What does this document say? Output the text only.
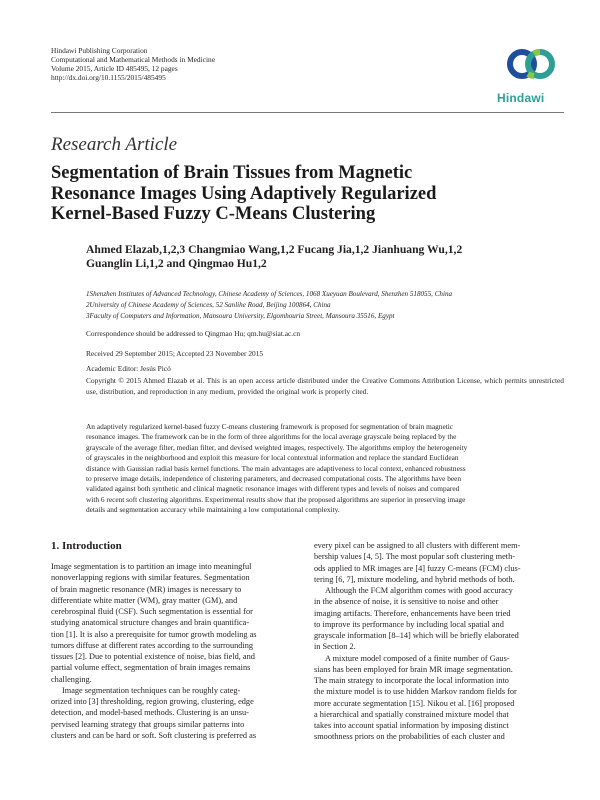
Hindawi Publishing Corporation
Computational and Mathematical Methods in Medicine
Volume 2015, Article ID 485495, 12 pages
http://dx.doi.org/10.1155/2015/485495
Hindawi
Research Article
Segmentation of Brain Tissues from Magnetic
Resonance Images Using Adaptively Regularized
Kernel-Based Fuzzy C-Means Clustering
Ahmed Elazab,1,2,3 Changmiao Wang,1,2 Fucang Jia,1,2 Jianhuang Wu,1,2
Guanglin Li,1,2 and Qingmao Hu1,2
1Shenzhen Institutes of Advanced Technology, Chinese Academy of Sciences, 1068 Xueyuan Boulevard, Shenzhen 518055, China
2University of Chinese Academy of Sciences, 52 Sanlihe Road, Beijing 100864, China
3Faculty of Computers and Information, Mansoura University, Elgomhouria Street, Mansoura 35516, Egypt
Correspondence should be addressed to Qingmao Hu; qm.hu@siat.ac.cn
Received 29 September 2015; Accepted 23 November 2015
Academic Editor: Jesús Picó
Copyright © 2015 Ahmed Elazab et al. This is an open access article distributed under the Creative Commons Attribution License, which permits unrestricted use, distribution, and reproduction in any medium, provided the original work is properly cited.
An adaptively regularized kernel-based fuzzy C-means clustering framework is proposed for segmentation of brain magnetic
resonance images. The framework can be in the form of three algorithms for the local average grayscale being replaced by the
grayscale of the average filter, median filter, and devised weighted images, respectively. The algorithms employ the heterogeneity
of grayscales in the neighborhood and exploit this measure for local contextual information and replace the standard Euclidean
distance with Gaussian radial basis kernel functions. The main advantages are adaptiveness to local context, enhanced robustness
to preserve image details, independence of clustering parameters, and decreased computational costs. The algorithms have been
validated against both synthetic and clinical magnetic resonance images with different types and levels of noises and compared
with 6 recent soft clustering algorithms. Experimental results show that the proposed algorithms are superior in preserving image
details and segmentation accuracy while maintaining a low computational complexity.
1. Introduction
Image segmentation is to partition an image into meaningful
nonoverlapping regions with similar features. Segmentation
of brain magnetic resonance (MR) images is necessary to
differentiate white matter (WM), gray matter (GM), and
cerebrospinal fluid (CSF). Such segmentation is essential for
studying anatomical structure changes and brain quantifica-
tion [1]. It is also a prerequisite for tumor growth modeling as
tumors diffuse at different rates according to the surrounding
tissues [2]. Due to potential existence of noise, bias field, and
partial volume effect, segmentation of brain images remains
challenging.
Image segmentation techniques can be roughly categ-
orized into [3] thresholding, region growing, clustering, edge
detection, and model-based methods. Clustering is an unsu-
pervised learning strategy that groups similar patterns into
clusters and can be hard or soft. Soft clustering is preferred as
every pixel can be assigned to all clusters with different mem-
bership values [4, 5]. The most popular soft clustering meth-
ods applied to MR images are [4] fuzzy C-means (FCM) clus-
tering [6, 7], mixture modeling, and hybrid methods of both.
Although the FCM algorithm comes with good accuracy
in the absence of noise, it is sensitive to noise and other
imaging artifacts. Therefore, enhancements have been tried
to improve its performance by including local spatial and
grayscale information [8–14] which will be briefly elaborated
in Section 2.
A mixture model composed of a finite number of Gaus-
sians has been employed for brain MR image segmentation.
The main strategy to incorporate the local information into
the mixture model is to use hidden Markov random fields for
more accurate segmentation [15]. Nikou et al. [16] proposed
a hierarchical and spatially constrained mixture model that
takes into account spatial information by imposing distinct
smoothness priors on the probabilities of each cluster and
